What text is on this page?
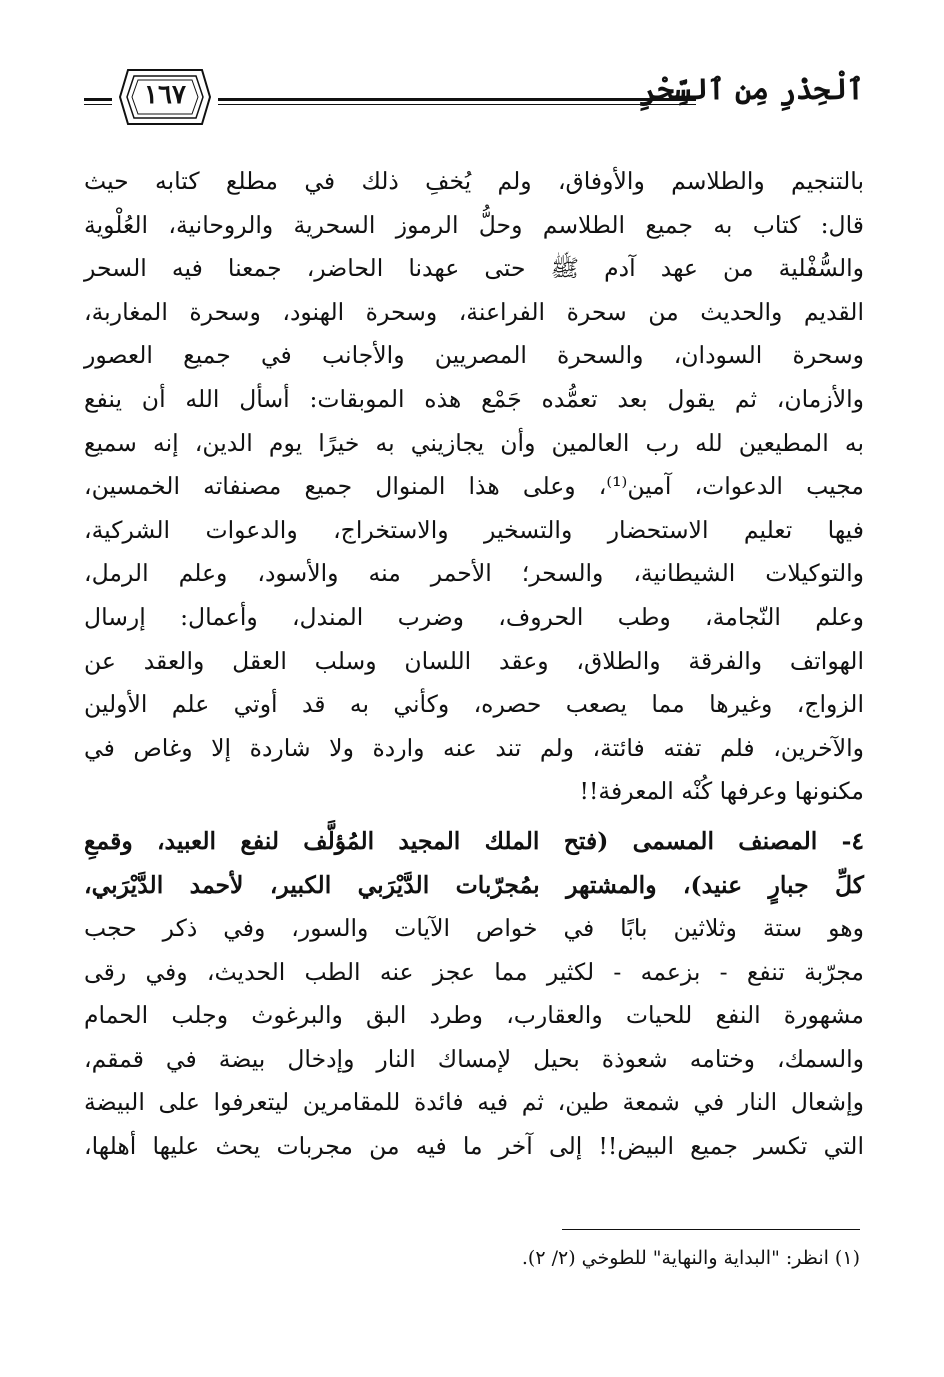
ٱلْحِذْرِ مِن ٱلسِّحْرِ
١٦٧
بالتنجيم والطلاسم والأوفاق، ولم يُخفِ ذلك في مطلع كتابه حيث
قال: كتاب به جميع الطلاسم وحلُّ الرموز السحرية والروحانية، العُلْوية
والسُّفْلية من عهد آدم ﷺ حتى عهدنا الحاضر، جمعنا فيه السحر
القديم والحديث من سحرة الفراعنة، وسحرة الهنود، وسحرة المغاربة،
وسحرة السودان، والسحرة المصريين والأجانب في جميع العصور
والأزمان، ثم يقول بعد تعمُّده جَمْع هذه الموبقات: أسأل الله أن ينفع
به المطيعين لله رب العالمين وأن يجازيني به خيرًا يوم الدين، إنه سميع
مجيب الدعوات، آمين⁽¹⁾، وعلى هذا المنوال جميع مصنفاته الخمسين،
فيها تعليم الاستحضار والتسخير والاستخراج، والدعوات الشركية،
والتوكيلات الشيطانية، والسحر؛ الأحمر منه والأسود، وعلم الرمل،
وعلم النّجامة، وطب الحروف، وضرب المندل، وأعمال: إرسال
الهواتف والفرقة والطلاق، وعقد اللسان وسلب العقل والعقد عن
الزواج، وغيرها مما يصعب حصره، وكأني به قد أوتي علم الأولين
والآخرين، فلم تفته فائتة، ولم تند عنه واردة ولا شاردة إلا وغاص في
مكنونها وعرفها كُنْه المعرفة!!
٤- المصنف المسمى (فتح الملك المجيد المُؤلَّف لنفع العبيد، وقمعِ
كلِّ جبارٍ عنيد)، والمشتهر بمُجرّبات الدَّيْرَبي الكبير، لأحمد الدَّيْرَبي،
وهو ستة وثلاثين بابًا في خواص الآيات والسور، وفي ذكر حجب
مجرّبة تنفع - بزعمه - لكثير مما عجز عنه الطب الحديث، وفي رقى
مشهورة النفع للحيات والعقارب، وطرد البق والبرغوث وجلب الحمام
والسمك، وختامه شعوذة بحيل لإمساك النار وإدخال بيضة في قمقم،
وإشعال النار في شمعة طين، ثم فيه فائدة للمقامرين ليتعرفوا على البيضة
التي تكسر جميع البيض!! إلى آخر ما فيه من مجربات يحث عليها أهلها،
(١) انظر: "البداية والنهاية" للطوخي (٢/ ٢).
